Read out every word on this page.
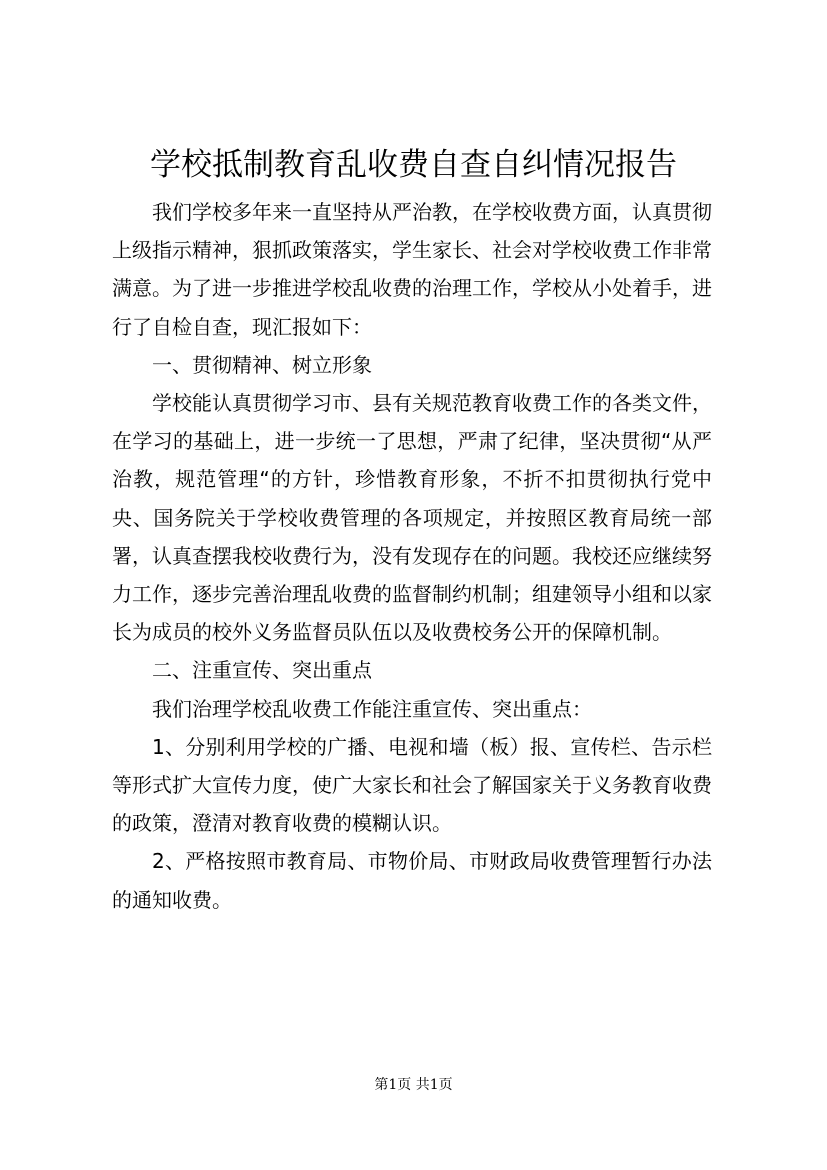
学校抵制教育乱收费自查自纠情况报告

我们学校多年来一直坚持从严治教，在学校收费方面，认真贯彻上级指示精神，狠抓政策落实，学生家长、社会对学校收费工作非常满意。为了进一步推进学校乱收费的治理工作，学校从小处着手，进行了自检自查，现汇报如下：

一、贯彻精神、树立形象

学校能认真贯彻学习市、县有关规范教育收费工作的各类文件，在学习的基础上，进一步统一了思想，严肃了纪律，坚决贯彻“从严治教，规范管理“的方针，珍惜教育形象，不折不扣贯彻执行党中央、国务院关于学校收费管理的各项规定，并按照区教育局统一部署，认真查摆我校收费行为，没有发现存在的问题。我校还应继续努力工作，逐步完善治理乱收费的监督制约机制；组建领导小组和以家长为成员的校外义务监督员队伍以及收费校务公开的保障机制。

二、注重宣传、突出重点

我们治理学校乱收费工作能注重宣传、突出重点：

1、分别利用学校的广播、电视和墙（板）报、宣传栏、告示栏等形式扩大宣传力度，使广大家长和社会了解国家关于义务教育收费的政策，澄清对教育收费的模糊认识。

2、严格按照市教育局、市物价局、市财政局收费管理暂行办法的通知收费。

第1页 共1页
